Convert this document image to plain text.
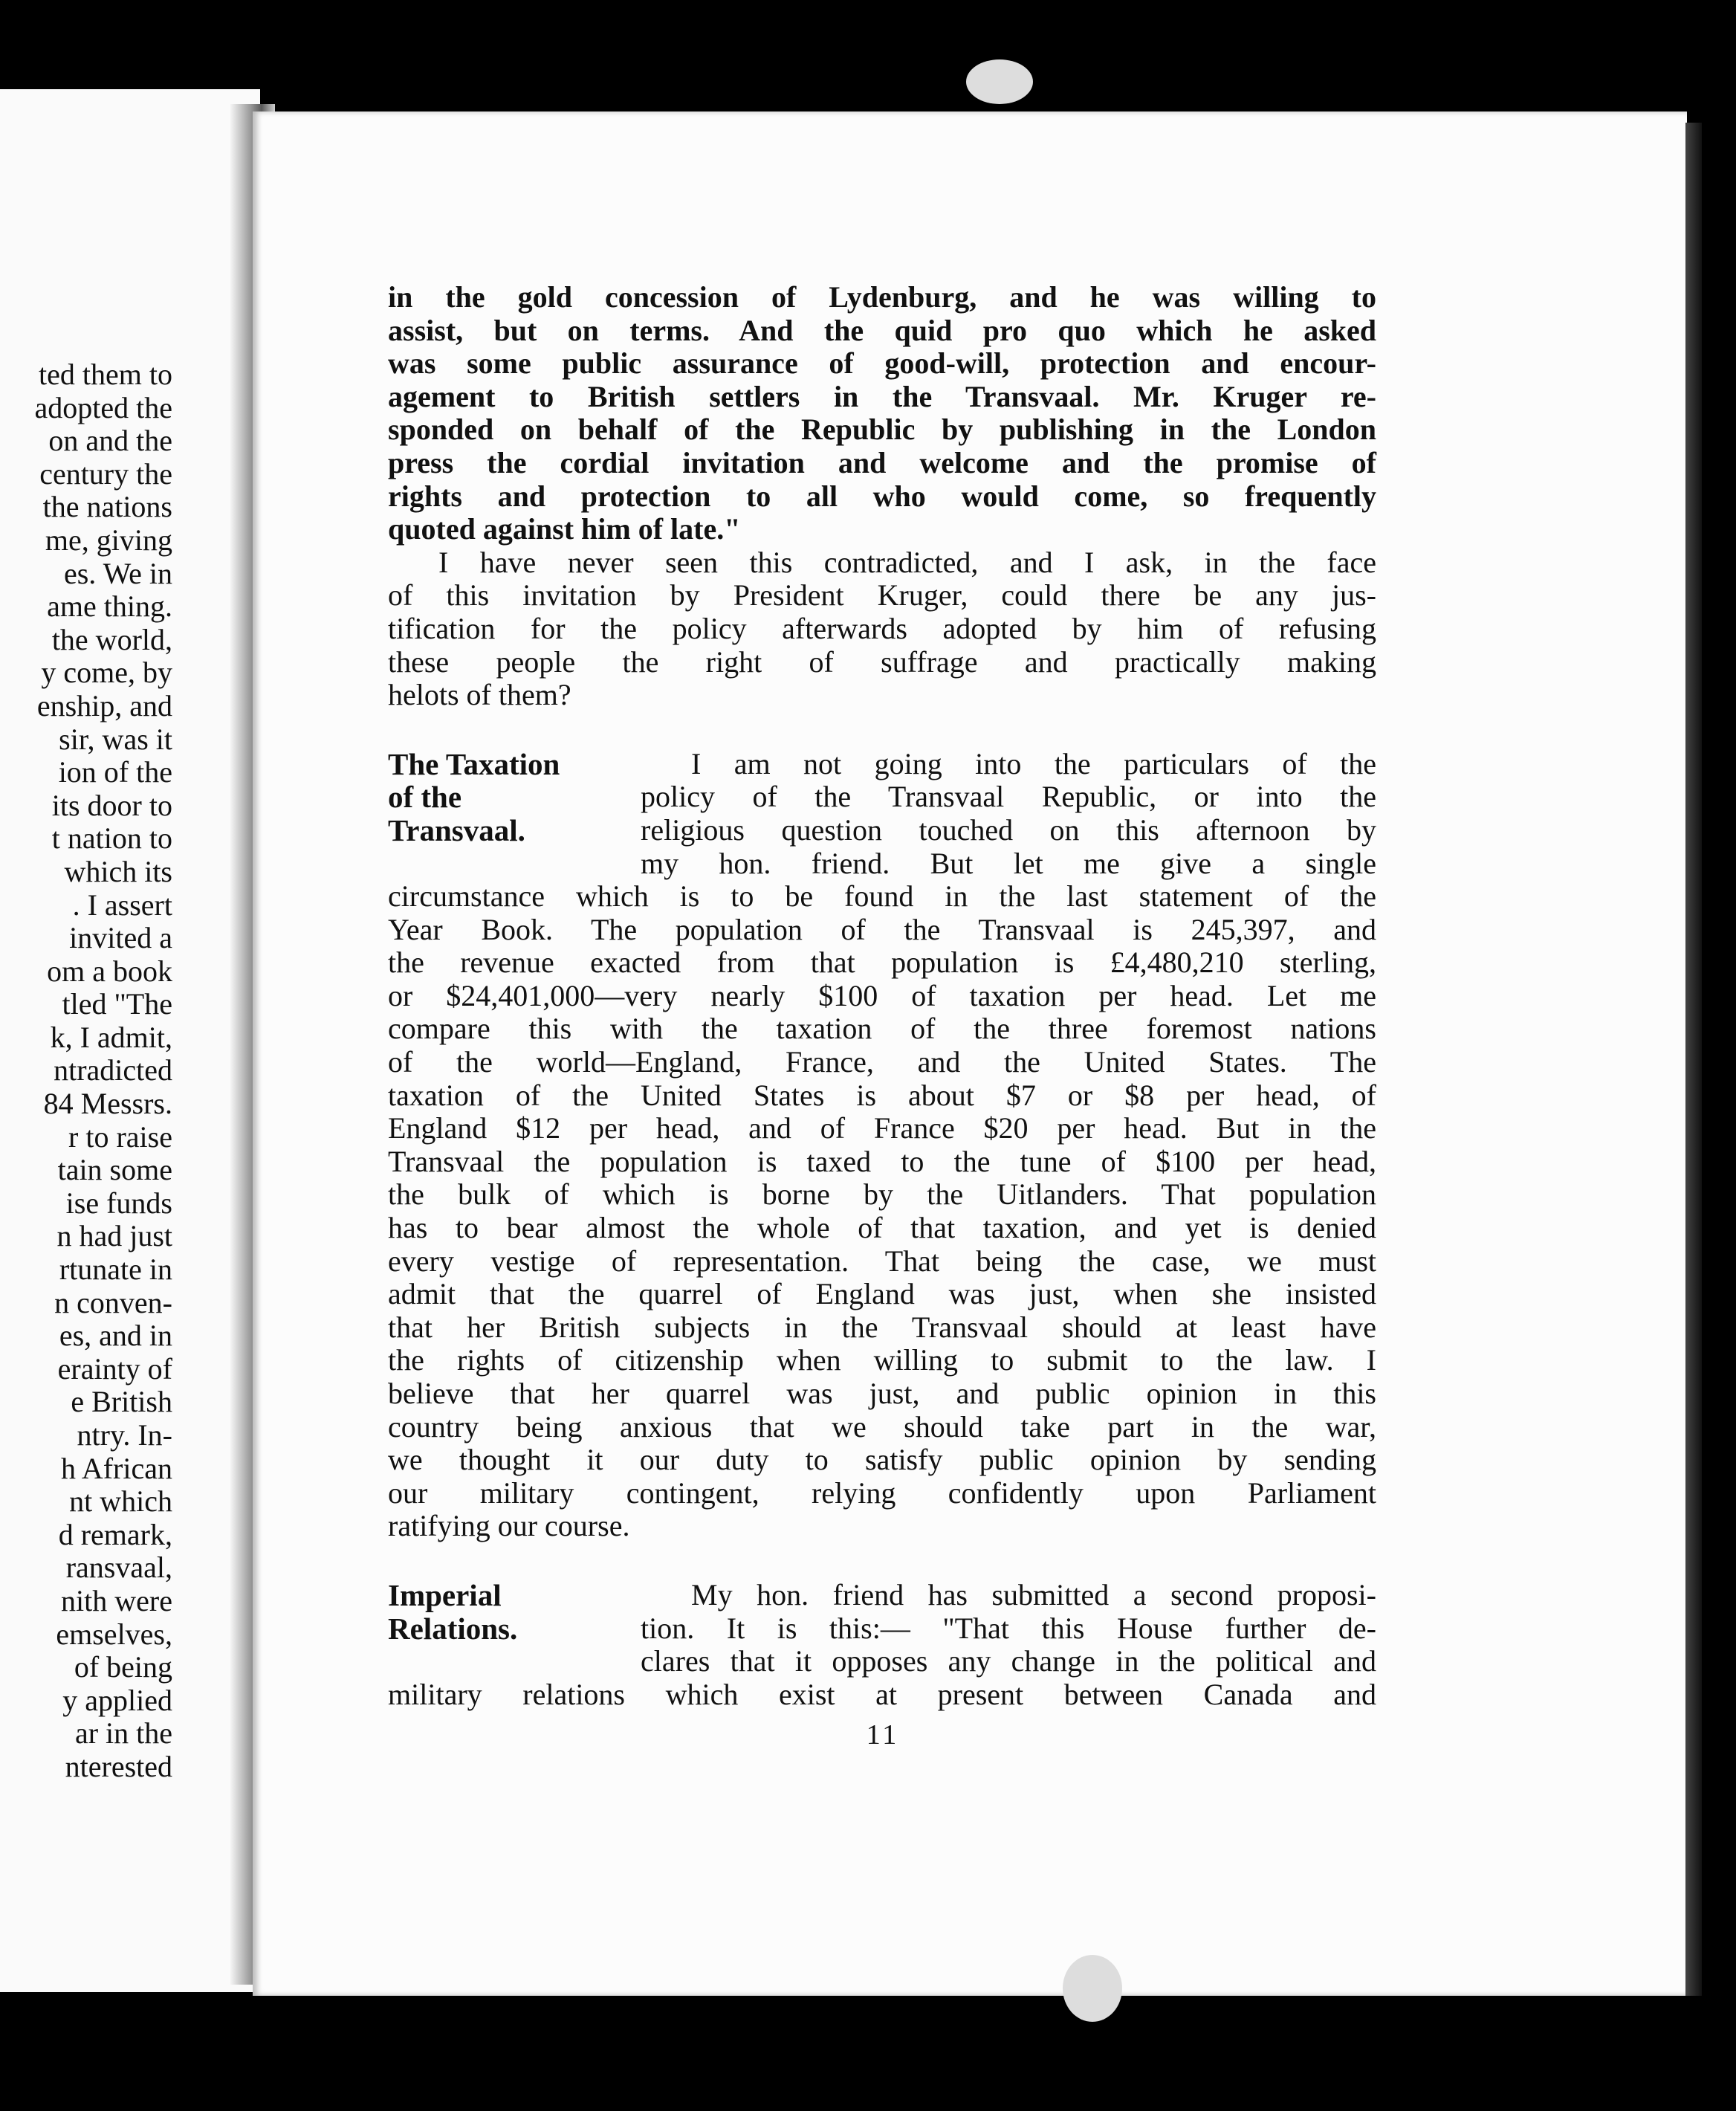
ted them to
adopted the
on and the
century the
the nations
me, giving
es. We in
ame thing.
the world,
y come, by
enship, and
sir, was it
ion of the
its door to
t nation to
which its
. I assert
invited a
om a book
tled "The
k, I admit,
ntradicted
84 Messrs.
r to raise
tain some
ise funds
n had just
rtunate in
n conven-
es, and in
erainty of
e British
ntry. In-
h African
nt which
d remark,
ransvaal,
nith were
emselves,
of being
y applied
ar in the
nterested
in the gold concession of Lydenburg, and he was willing to
assist, but on terms. And the quid pro quo which he asked
was some public assurance of good-will, protection and encour-
agement to British settlers in the Transvaal. Mr. Kruger re-
sponded on behalf of the Republic by publishing in the London
press the cordial invitation and welcome and the promise of
rights and protection to all who would come, so frequently
quoted against him of late."
I have never seen this contradicted, and I ask, in the face
of this invitation by President Kruger, could there be any jus-
tification for the policy afterwards adopted by him of refusing
these people the right of suffrage and practically making
helots of them?
The Taxation
of the
Transvaal.
I am not going into the particulars of the
policy of the Transvaal Republic, or into the
religious question touched on this afternoon by
my hon. friend. But let me give a single
circumstance which is to be found in the last statement of the
Year Book. The population of the Transvaal is 245,397, and
the revenue exacted from that population is £4,480,210 sterling,
or $24,401,000—very nearly $100 of taxation per head. Let me
compare this with the taxation of the three foremost nations
of the world—England, France, and the United States. The
taxation of the United States is about $7 or $8 per head, of
England $12 per head, and of France $20 per head. But in the
Transvaal the population is taxed to the tune of $100 per head,
the bulk of which is borne by the Uitlanders. That population
has to bear almost the whole of that taxation, and yet is denied
every vestige of representation. That being the case, we must
admit that the quarrel of England was just, when she insisted
that her British subjects in the Transvaal should at least have
the rights of citizenship when willing to submit to the law. I
believe that her quarrel was just, and public opinion in this
country being anxious that we should take part in the war,
we thought it our duty to satisfy public opinion by sending
our military contingent, relying confidently upon Parliament
ratifying our course.
Imperial
Relations.
My hon. friend has submitted a second proposi-
tion. It is this:— "That this House further de-
clares that it opposes any change in the political and
military relations which exist at present between Canada and
11
